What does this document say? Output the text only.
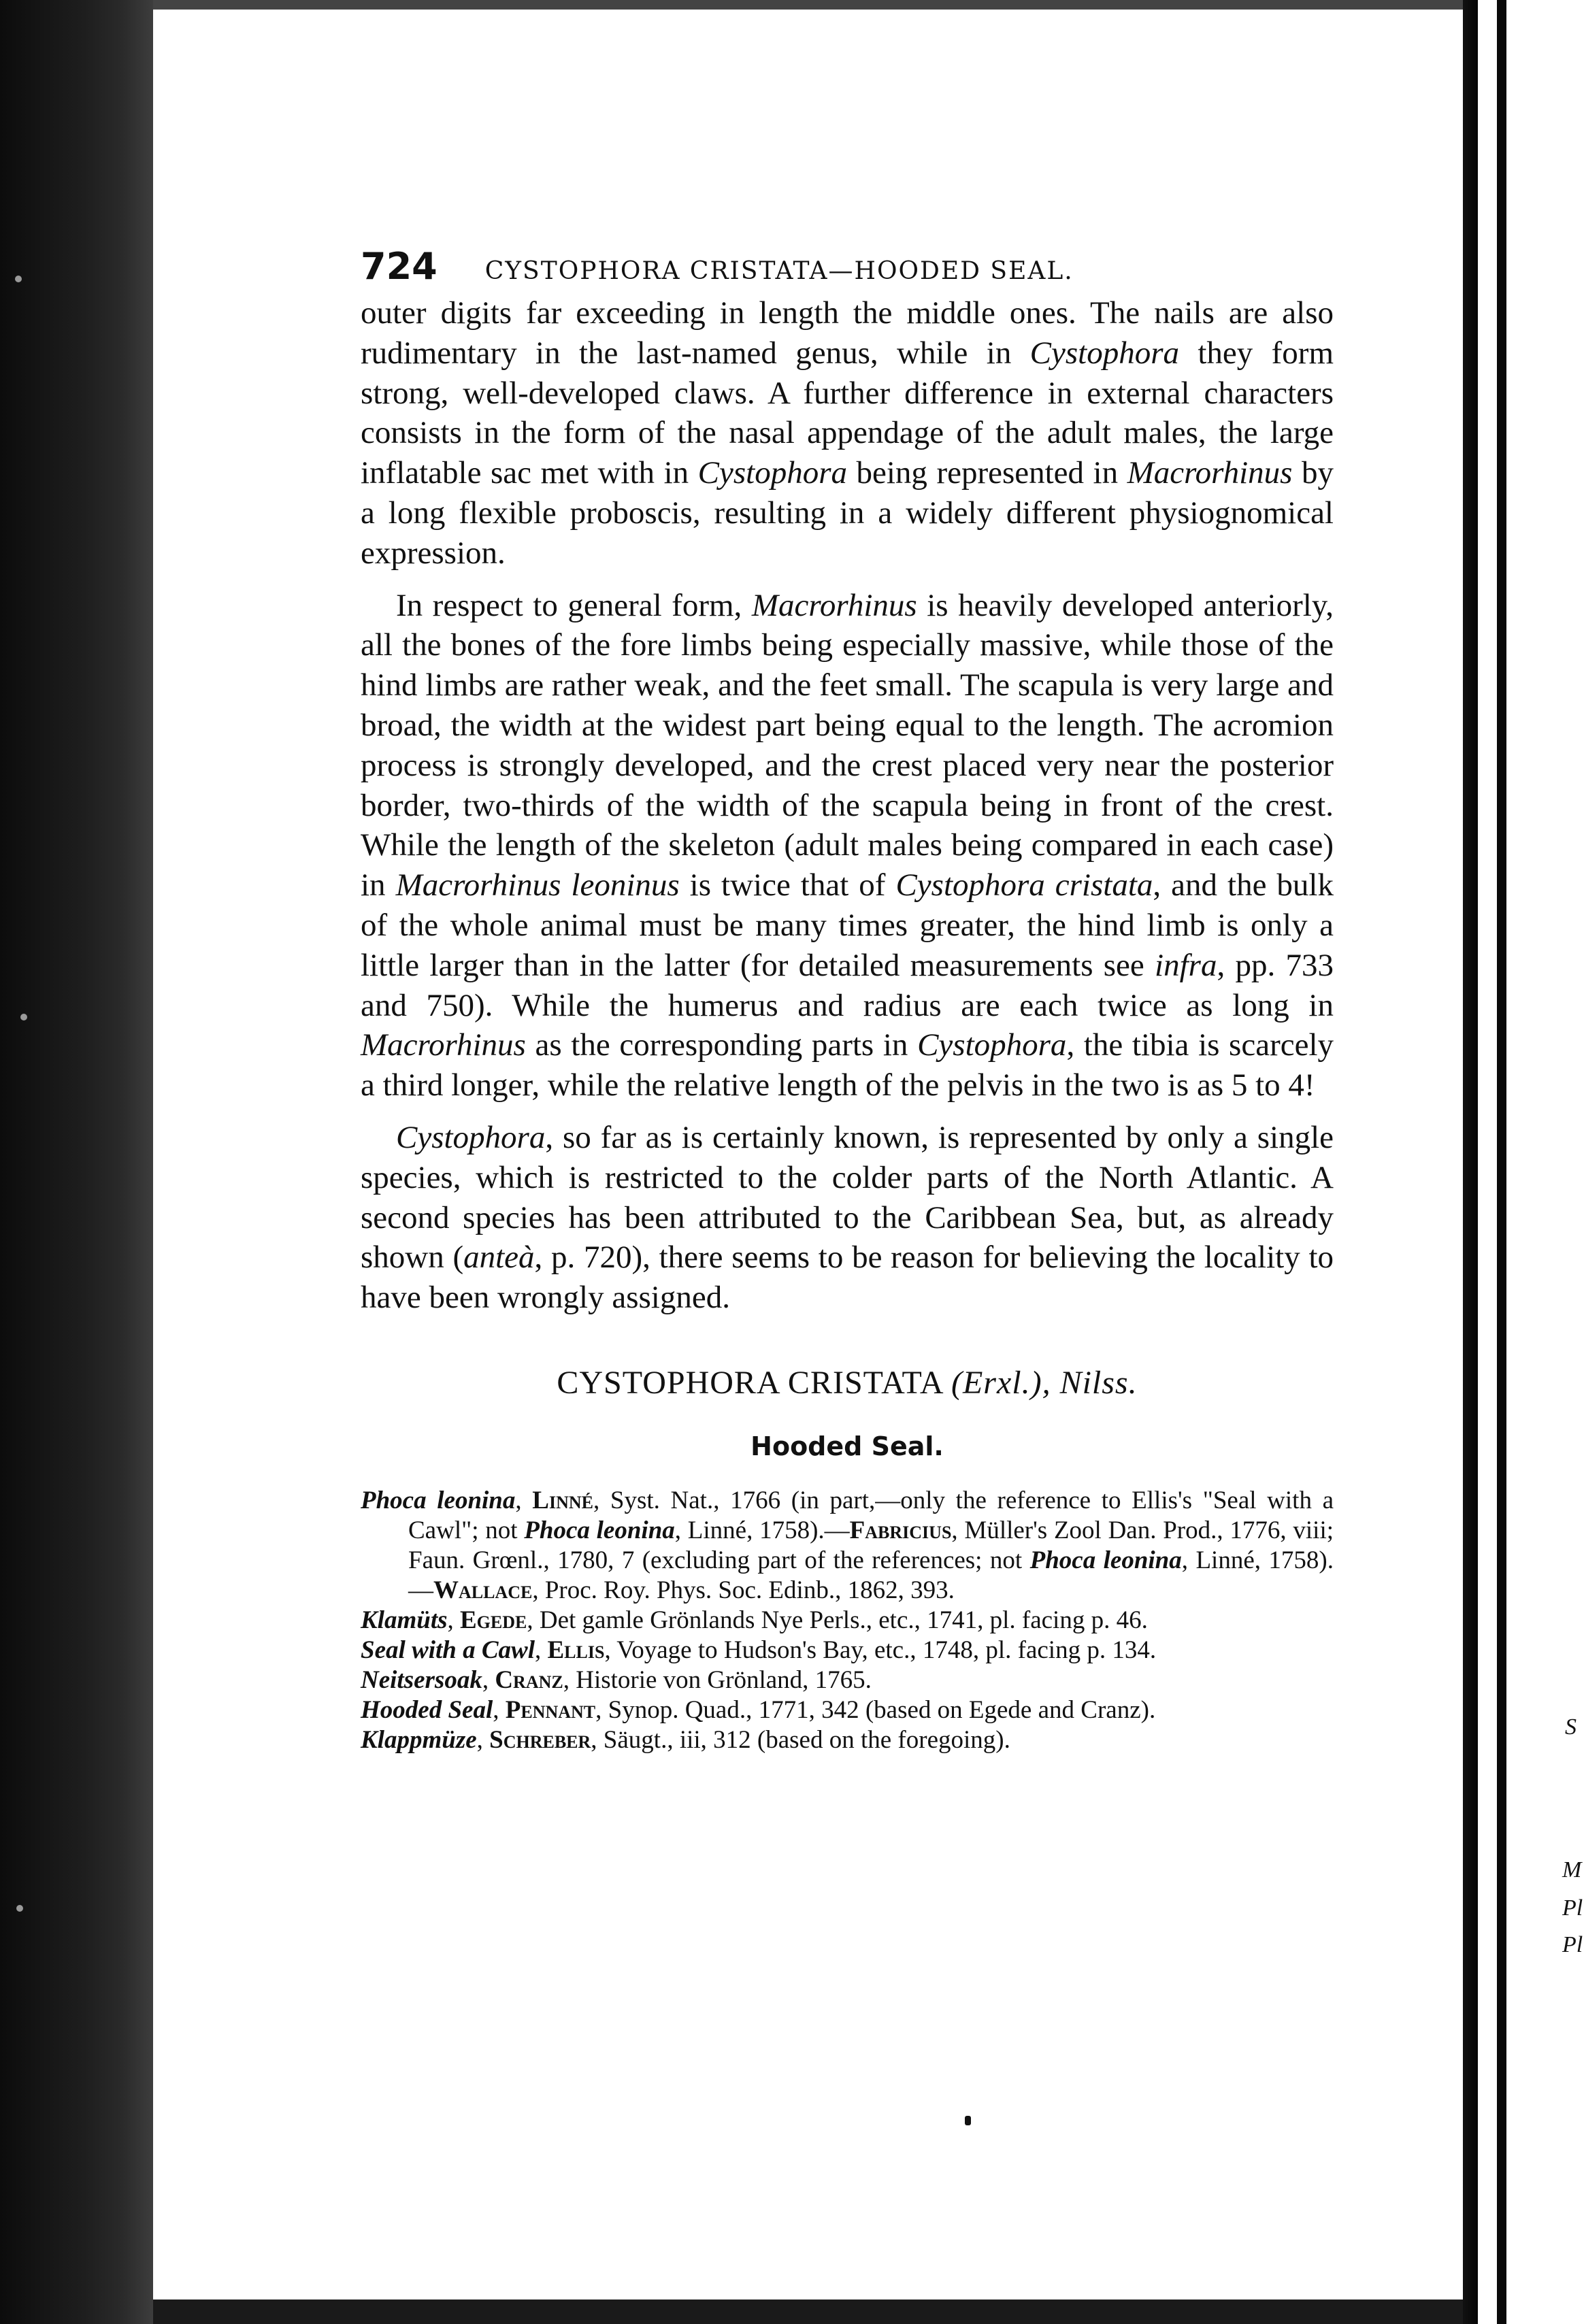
S
M
Pl
Pl
724 CYSTOPHORA CRISTATA—HOODED SEAL.

outer digits far exceeding in length the middle ones. The nails are also rudimentary in the last-named genus, while in Cystophora they form strong, well-developed claws. A further difference in external characters consists in the form of the nasal appendage of the adult males, the large inflatable sac met with in Cystophora being represented in Macrorhinus by a long flexible proboscis, resulting in a widely different physiognomical expression.

In respect to general form, Macrorhinus is heavily developed anteriorly, all the bones of the fore limbs being especially massive, while those of the hind limbs are rather weak, and the feet small. The scapula is very large and broad, the width at the widest part being equal to the length. The acromion process is strongly developed, and the crest placed very near the posterior border, two-thirds of the width of the scapula being in front of the crest. While the length of the skeleton (adult males being compared in each case) in Macrorhinus leoninus is twice that of Cystophora cristata, and the bulk of the whole animal must be many times greater, the hind limb is only a little larger than in the latter (for detailed measurements see infra, pp. 733 and 750). While the humerus and radius are each twice as long in Macrorhinus as the corresponding parts in Cystophora, the tibia is scarcely a third longer, while the relative length of the pelvis in the two is as 5 to 4!

Cystophora, so far as is certainly known, is represented by only a single species, which is restricted to the colder parts of the North Atlantic. A second species has been attributed to the Caribbean Sea, but, as already shown (anteà, p. 720), there seems to be reason for believing the locality to have been wrongly assigned.

CYSTOPHORA CRISTATA (Erxl.), Nilss.
Hooded Seal.

Phoca leonina, Linné, Syst. Nat., 1766 (in part,—only the reference to Ellis's "Seal with a Cawl"; not Phoca leonina, Linné, 1758).—Fabricius, Müller's Zool Dan. Prod., 1776, viii; Faun. Grœnl., 1780, 7 (excluding part of the references; not Phoca leonina, Linné, 1758).—Wallace, Proc. Roy. Phys. Soc. Edinb., 1862, 393.

Klamüts, Egede, Det gamle Grönlands Nye Perls., etc., 1741, pl. facing p. 46.

Seal with a Cawl, Ellis, Voyage to Hudson's Bay, etc., 1748, pl. facing p. 134.

Neitsersoak, Cranz, Historie von Grönland, 1765.

Hooded Seal, Pennant, Synop. Quad., 1771, 342 (based on Egede and Cranz).

Klappmüze, Schreber, Säugt., iii, 312 (based on the foregoing).
